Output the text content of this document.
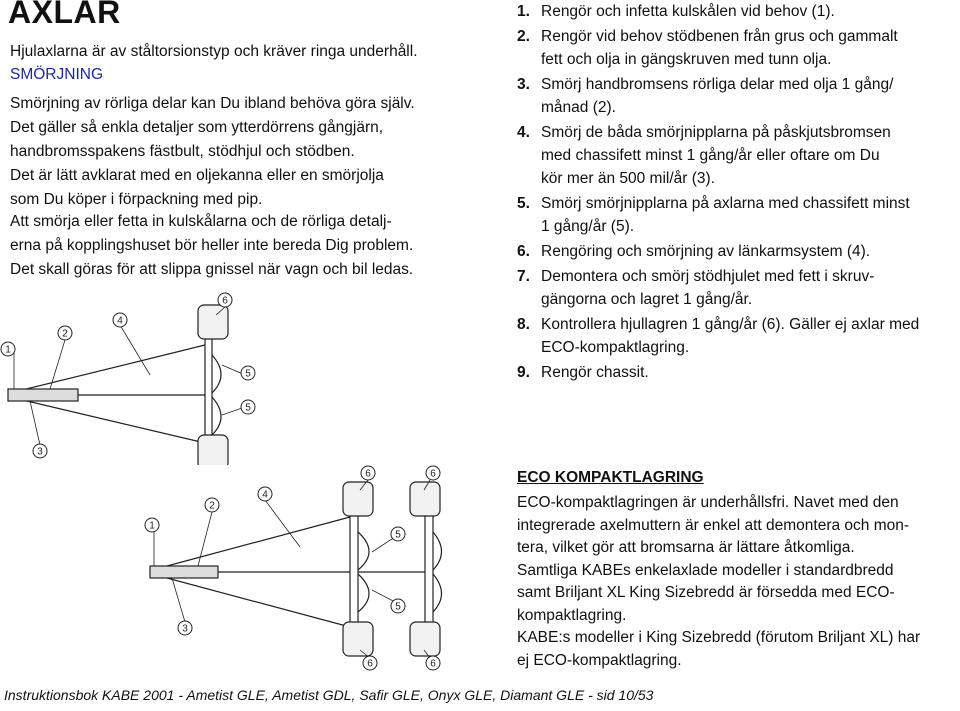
AXLAR
Hjulaxlarna är av ståltorsionstyp och kräver ringa underhåll.
SMÖRJNING
Smörjning av rörliga delar kan Du ibland behöva göra själv.
Det gäller så enkla detaljer som ytterdörrens gångjärn,
handbromsspakens fästbult, stödhjul och stödben.
Det är lätt avklarat med en oljekanna eller en smörjolja
som Du köper i förpackning med pip.
Att smörja eller fetta in kulskålarna och de rörliga detalj-
erna på kopplingshuset bör heller inte bereda Dig problem.
Det skall göras för att slippa gnissel när vagn och bil ledas.
1. Rengör och infetta kulskålen vid behov (1).
2. Rengör vid behov stödbenen från grus och gammalt
fett och olja in gängskruven med tunn olja.
3. Smörj handbromsens rörliga delar med olja 1 gång/
månad (2).
4. Smörj de båda smörjnipplarna på påskjutsbromsen
med chassifett minst 1 gång/år eller oftare om Du
kör mer än 500 mil/år (3).
5. Smörj smörjnipplarna på axlarna med chassifett minst
1 gång/år (5).
6. Rengöring och smörjning av länkarmsystem (4).
7. Demontera och smörj stödhjulet med fett i skruv-
gängorna och lagret 1 gång/år.
8. Kontrollera hjullagren 1 gång/år (6). Gäller ej axlar med
ECO-kompaktlagring.
9. Rengör chassit.
ECO KOMPAKTLAGRING
ECO-kompaktlagringen är underhållsfri. Navet med den
integrerade axelmuttern är enkel att demontera och mon-
tera, vilket gör att bromsarna är lättare åtkomliga.
Samtliga KABEs enkelaxlade modeller i standardbredd
samt Briljant XL King Sizebredd är försedda med ECO-
kompaktlagring.
KABE:s modeller i King Sizebredd (förutom Briljant XL) har
ej ECO-kompaktlagring.
1
2
3
4
5
5
6
1
2
3
4
5
5
6	6
6	6
Instruktionsbok KABE 2001 - Ametist GLE, Ametist GDL, Safir GLE, Onyx GLE, Diamant GLE - sid 10/53
